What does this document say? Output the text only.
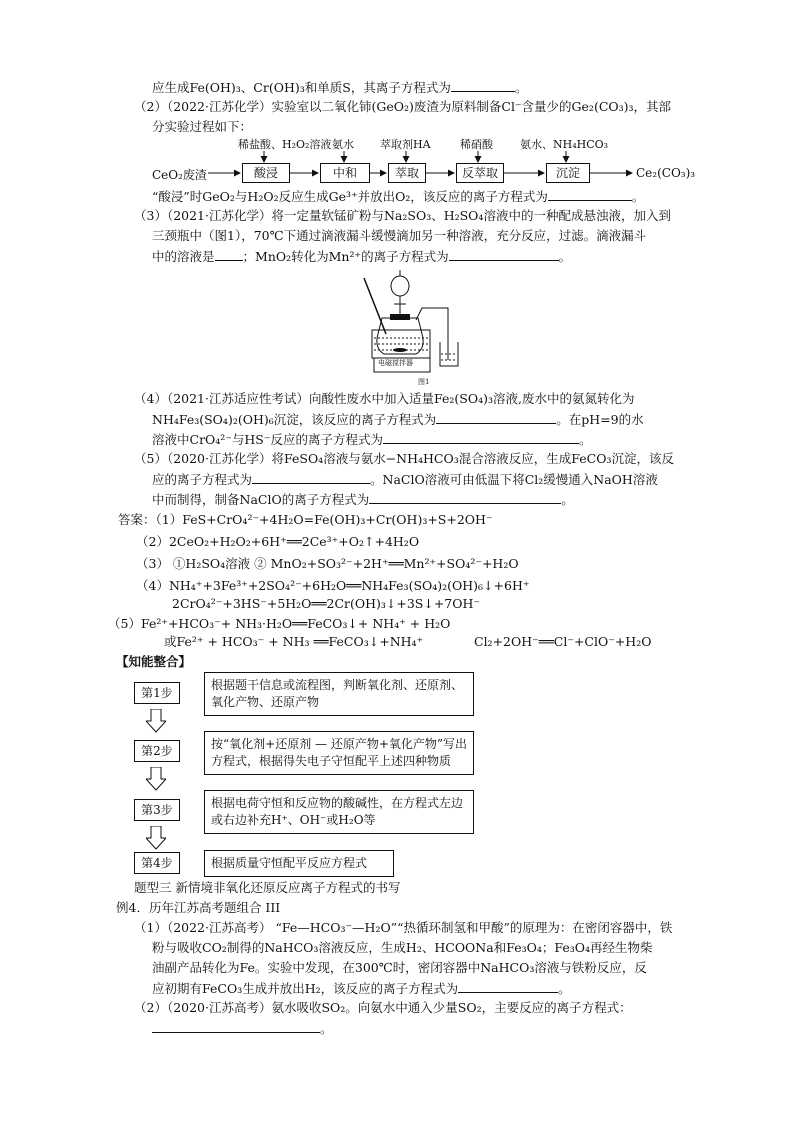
应生成Fe(OH)₃、Cr(OH)₃和单质S，其离子方程式为	。
（2）（2022·江苏化学）实验室以二氧化铈(GeO₂)废渣为原料制备Cl⁻含量少的Ge₂(CO₃)₃，其部
分实验过程如下：
稀盐酸、H₂O₂溶液 氨水 萃取剂HA	稀硝酸 氨水、NH₄HCO₃
CeO₂废渣	酸浸	中和	萃取	反萃取	沉淀	Ce₂(CO₃)₃
“酸浸”时GeO₂与H₂O₂反应生成Ge³⁺并放出O₂，该反应的离子方程式为	。
（3）（2021·江苏化学）将一定量软锰矿粉与Na₂SO₃、H₂SO₄溶液中的一种配成悬浊液，加入到
三颈瓶中（图1），70℃下通过滴液漏斗缓慢滴加另一种溶液，充分反应，过滤。滴液漏斗
中的溶液是 ；MnO₂转化为Mn²⁺的离子方程式为	。
电磁搅拌器
图1
（4）（2021·江苏适应性考试）向酸性废水中加入适量Fe₂(SO₄)₃溶液,废水中的氨氮转化为
NH₄Fe₃(SO₄)₂(OH)₆沉淀，该反应的离子方程式为	。在pH=9的水
溶液中CrO₄²⁻与HS⁻反应的离子方程式为	。
（5）（2020·江苏化学）将FeSO₄溶液与氨水−NH₄HCO₃混合溶液反应，生成FeCO₃沉淀，该反
应的离子方程式为	。NaClO溶液可由低温下将Cl₂缓慢通入NaOH溶液
中而制得，制备NaClO的离子方程式为	。
答案：（1）FeS+CrO₄²⁻+4H₂O=Fe(OH)₃+Cr(OH)₃+S+2OH⁻
（2）2CeO₂+H₂O₂+6H⁺══2Ce³⁺+O₂↑+4H₂O
（3） ①H₂SO₄溶液 ② MnO₂+SO₃²⁻+2H⁺══Mn²⁺+SO₄²⁻+H₂O
（4）NH₄⁺+3Fe³⁺+2SO₄²⁻+6H₂O══NH₄Fe₃(SO₄)₂(OH)₆↓+6H⁺
2CrO₄²⁻+3HS⁻+5H₂O══2Cr(OH)₃↓+3S↓+7OH⁻
（5）Fe²⁺+HCO₃⁻+ NH₃·H₂O══FeCO₃↓+ NH₄⁺ + H₂O
或Fe²⁺ + HCO₃⁻ + NH₃ ══FeCO₃↓+NH₄⁺	Cl₂+2OH⁻══Cl⁻+ClO⁻+H₂O
【知能整合】
第1步
根据题干信息或流程图，判断氧化剂、还原剂、氧化产物、还原产物
第2步	按“氧化剂+还原剂 — 还原产物+氧化产物”写出方程式，根据得失电子守恒配平上述四种物质
第3步	根据电荷守恒和反应物的酸碱性，在方程式左边或右边补充H⁺、OH⁻或H₂O等
第4步	根据质量守恒配平反应方程式
题型三 新情境非氧化还原反应离子方程式的书写
例4．历年江苏高考题组合 III
（1）（2022·江苏高考） “Fe—HCO₃⁻—H₂O”“热循环制氢和甲酸”的原理为：在密闭容器中，铁
粉与吸收CO₂制得的NaHCO₃溶液反应，生成H₂、HCOONa和Fe₃O₄；Fe₃O₄再经生物柴
油副产品转化为Fe。实验中发现，在300℃时，密闭容器中NaHCO₃溶液与铁粉反应，反
应初期有FeCO₃生成并放出H₂，该反应的离子方程式为	。
（2）（2020·江苏高考）氨水吸收SO₂。向氨水中通入少量SO₂，主要反应的离子方程式：
。
